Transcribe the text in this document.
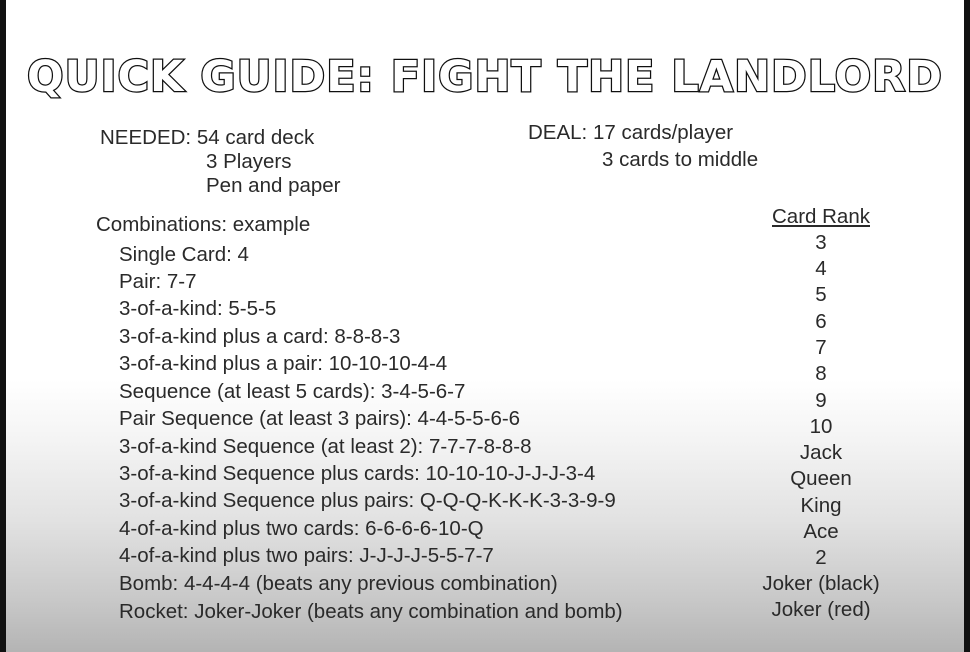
QUICK GUIDE: FIGHT THE LANDLORD
NEEDED: 54 card deck
3 Players
Pen and paper
DEAL: 17 cards/player
3 cards to middle
Combinations: example
Single Card: 4
Pair: 7-7
3-of-a-kind: 5-5-5
3-of-a-kind plus a card: 8-8-8-3
3-of-a-kind plus a pair: 10-10-10-4-4
Sequence (at least 5 cards): 3-4-5-6-7
Pair Sequence (at least 3 pairs): 4-4-5-5-6-6
3-of-a-kind Sequence (at least 2): 7-7-7-8-8-8
3-of-a-kind Sequence plus cards: 10-10-10-J-J-J-3-4
3-of-a-kind Sequence plus pairs: Q-Q-Q-K-K-K-3-3-9-9
4-of-a-kind plus two cards: 6-6-6-6-10-Q
4-of-a-kind plus two pairs: J-J-J-J-5-5-7-7
Bomb: 4-4-4-4 (beats any previous combination)
Rocket: Joker-Joker (beats any combination and bomb)
Card Rank
3
4
5
6
7
8
9
10
Jack
Queen
King
Ace
2
Joker (black)
Joker (red)
